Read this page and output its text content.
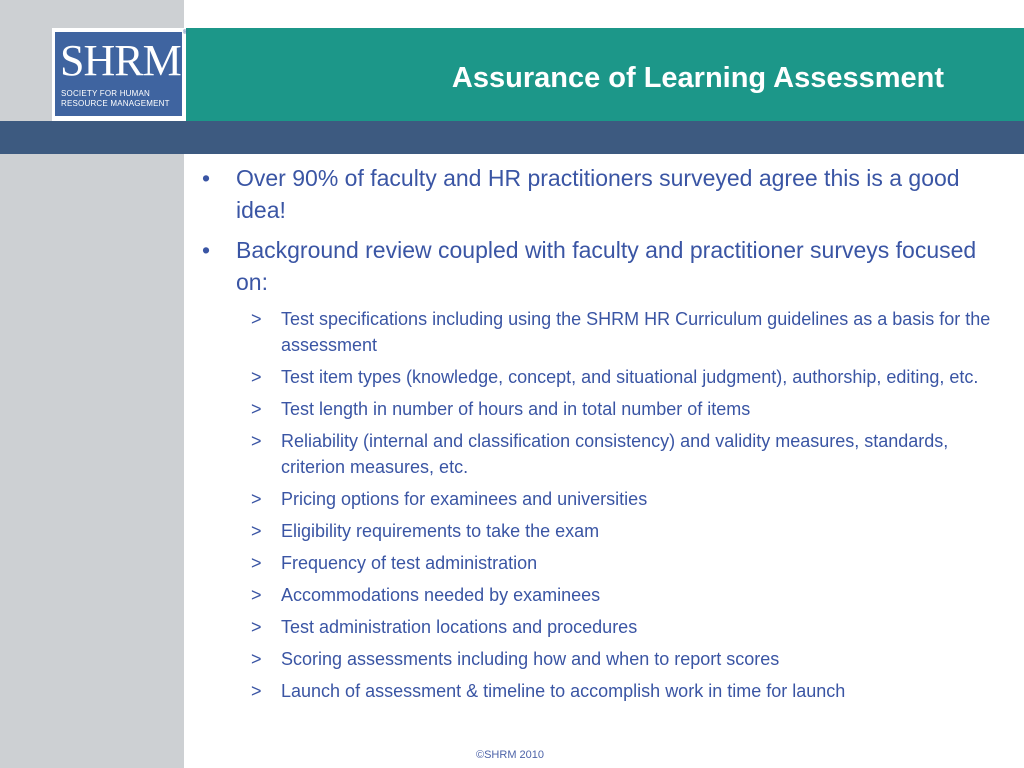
SHRM
SOCIETY FOR HUMAN
RESOURCE MANAGEMENT
®
Assurance of Learning Assessment
• Over 90% of faculty and HR practitioners surveyed agree this is a good idea!
• Background review coupled with faculty and practitioner surveys focused on:
> Test specifications including using the SHRM HR Curriculum guidelines as a basis for the assessment
> Test item types (knowledge, concept, and situational judgment), authorship, editing, etc.
> Test length in number of hours and in total number of items
> Reliability (internal and classification consistency) and validity measures, standards, criterion measures, etc.
> Pricing options for examinees and universities
> Eligibility requirements to take the exam
> Frequency of test administration
> Accommodations needed by examinees
> Test administration locations and procedures
> Scoring assessments including how and when to report scores
> Launch of assessment & timeline to accomplish work in time for launch
©SHRM 2010
